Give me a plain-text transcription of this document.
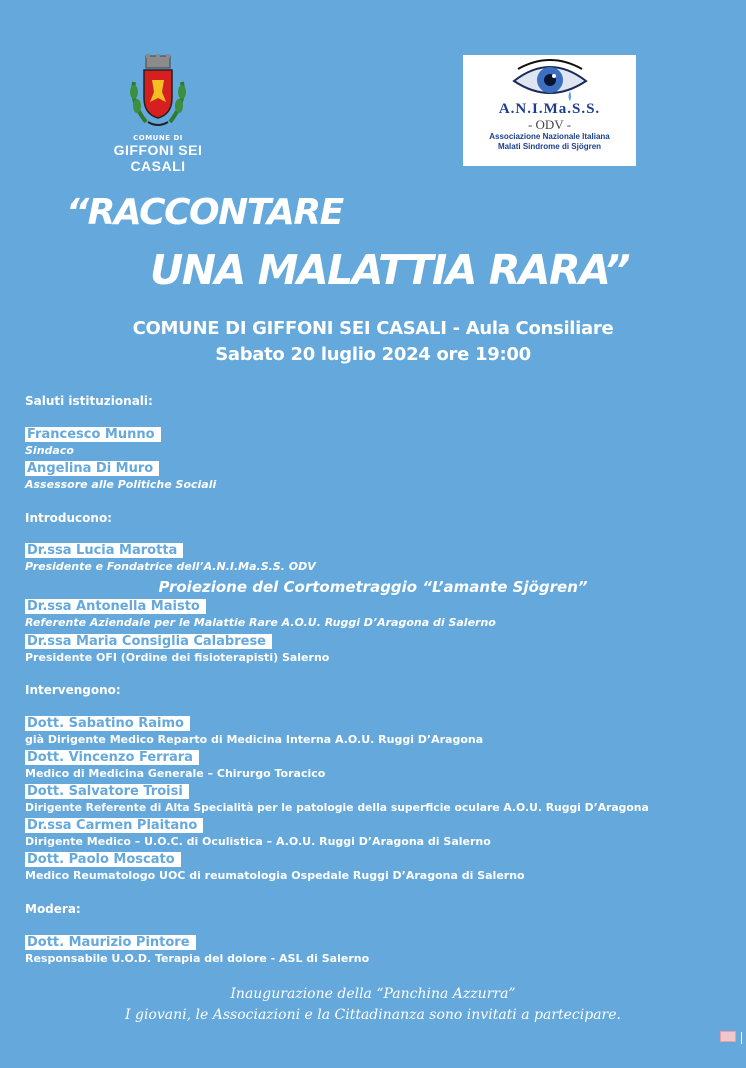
COMUNE DI
GIFFONI SEI CASALI
A.N.I.Ma.S.S.
- ODV -
Associazione Nazionale Italiana
Malati Sindrome di Sjögren
“RACCONTARE
UNA MALATTIA RARA”
COMUNE DI GIFFONI SEI CASALI - Aula Consiliare
Sabato 20 luglio 2024 ore 19:00
Saluti istituzionali:
Francesco Munno
Sindaco
Angelina Di Muro
Assessore alle Politiche Sociali
Introducono:
Dr.ssa Lucia Marotta
Presidente e Fondatrice dell’A.N.I.Ma.S.S. ODV
Proiezione del Cortometraggio “L’amante Sjögren”
Dr.ssa Antonella Maisto
Referente Aziendale per le Malattie Rare A.O.U. Ruggi D’Aragona di Salerno
Dr.ssa Maria Consiglia Calabrese
Presidente OFI (Ordine dei fisioterapisti) Salerno
Intervengono:
Dott. Sabatino Raimo
già Dirigente Medico Reparto di Medicina Interna A.O.U. Ruggi D’Aragona
Dott. Vincenzo Ferrara
Medico di Medicina Generale – Chirurgo Toracico
Dott. Salvatore Troisi
Dirigente Referente di Alta Specialità per le patologie della superficie oculare A.O.U. Ruggi D’Aragona
Dr.ssa Carmen Plaitano
Dirigente Medico – U.O.C. di Oculistica – A.O.U. Ruggi D’Aragona di Salerno
Dott. Paolo Moscato
Medico Reumatologo UOC di reumatologia Ospedale Ruggi D’Aragona di Salerno
Modera:
Dott. Maurizio Pintore
Responsabile U.O.D. Terapia del dolore - ASL di Salerno
Inaugurazione della “Panchina Azzurra”
I giovani, le Associazioni e la Cittadinanza sono invitati a partecipare.
